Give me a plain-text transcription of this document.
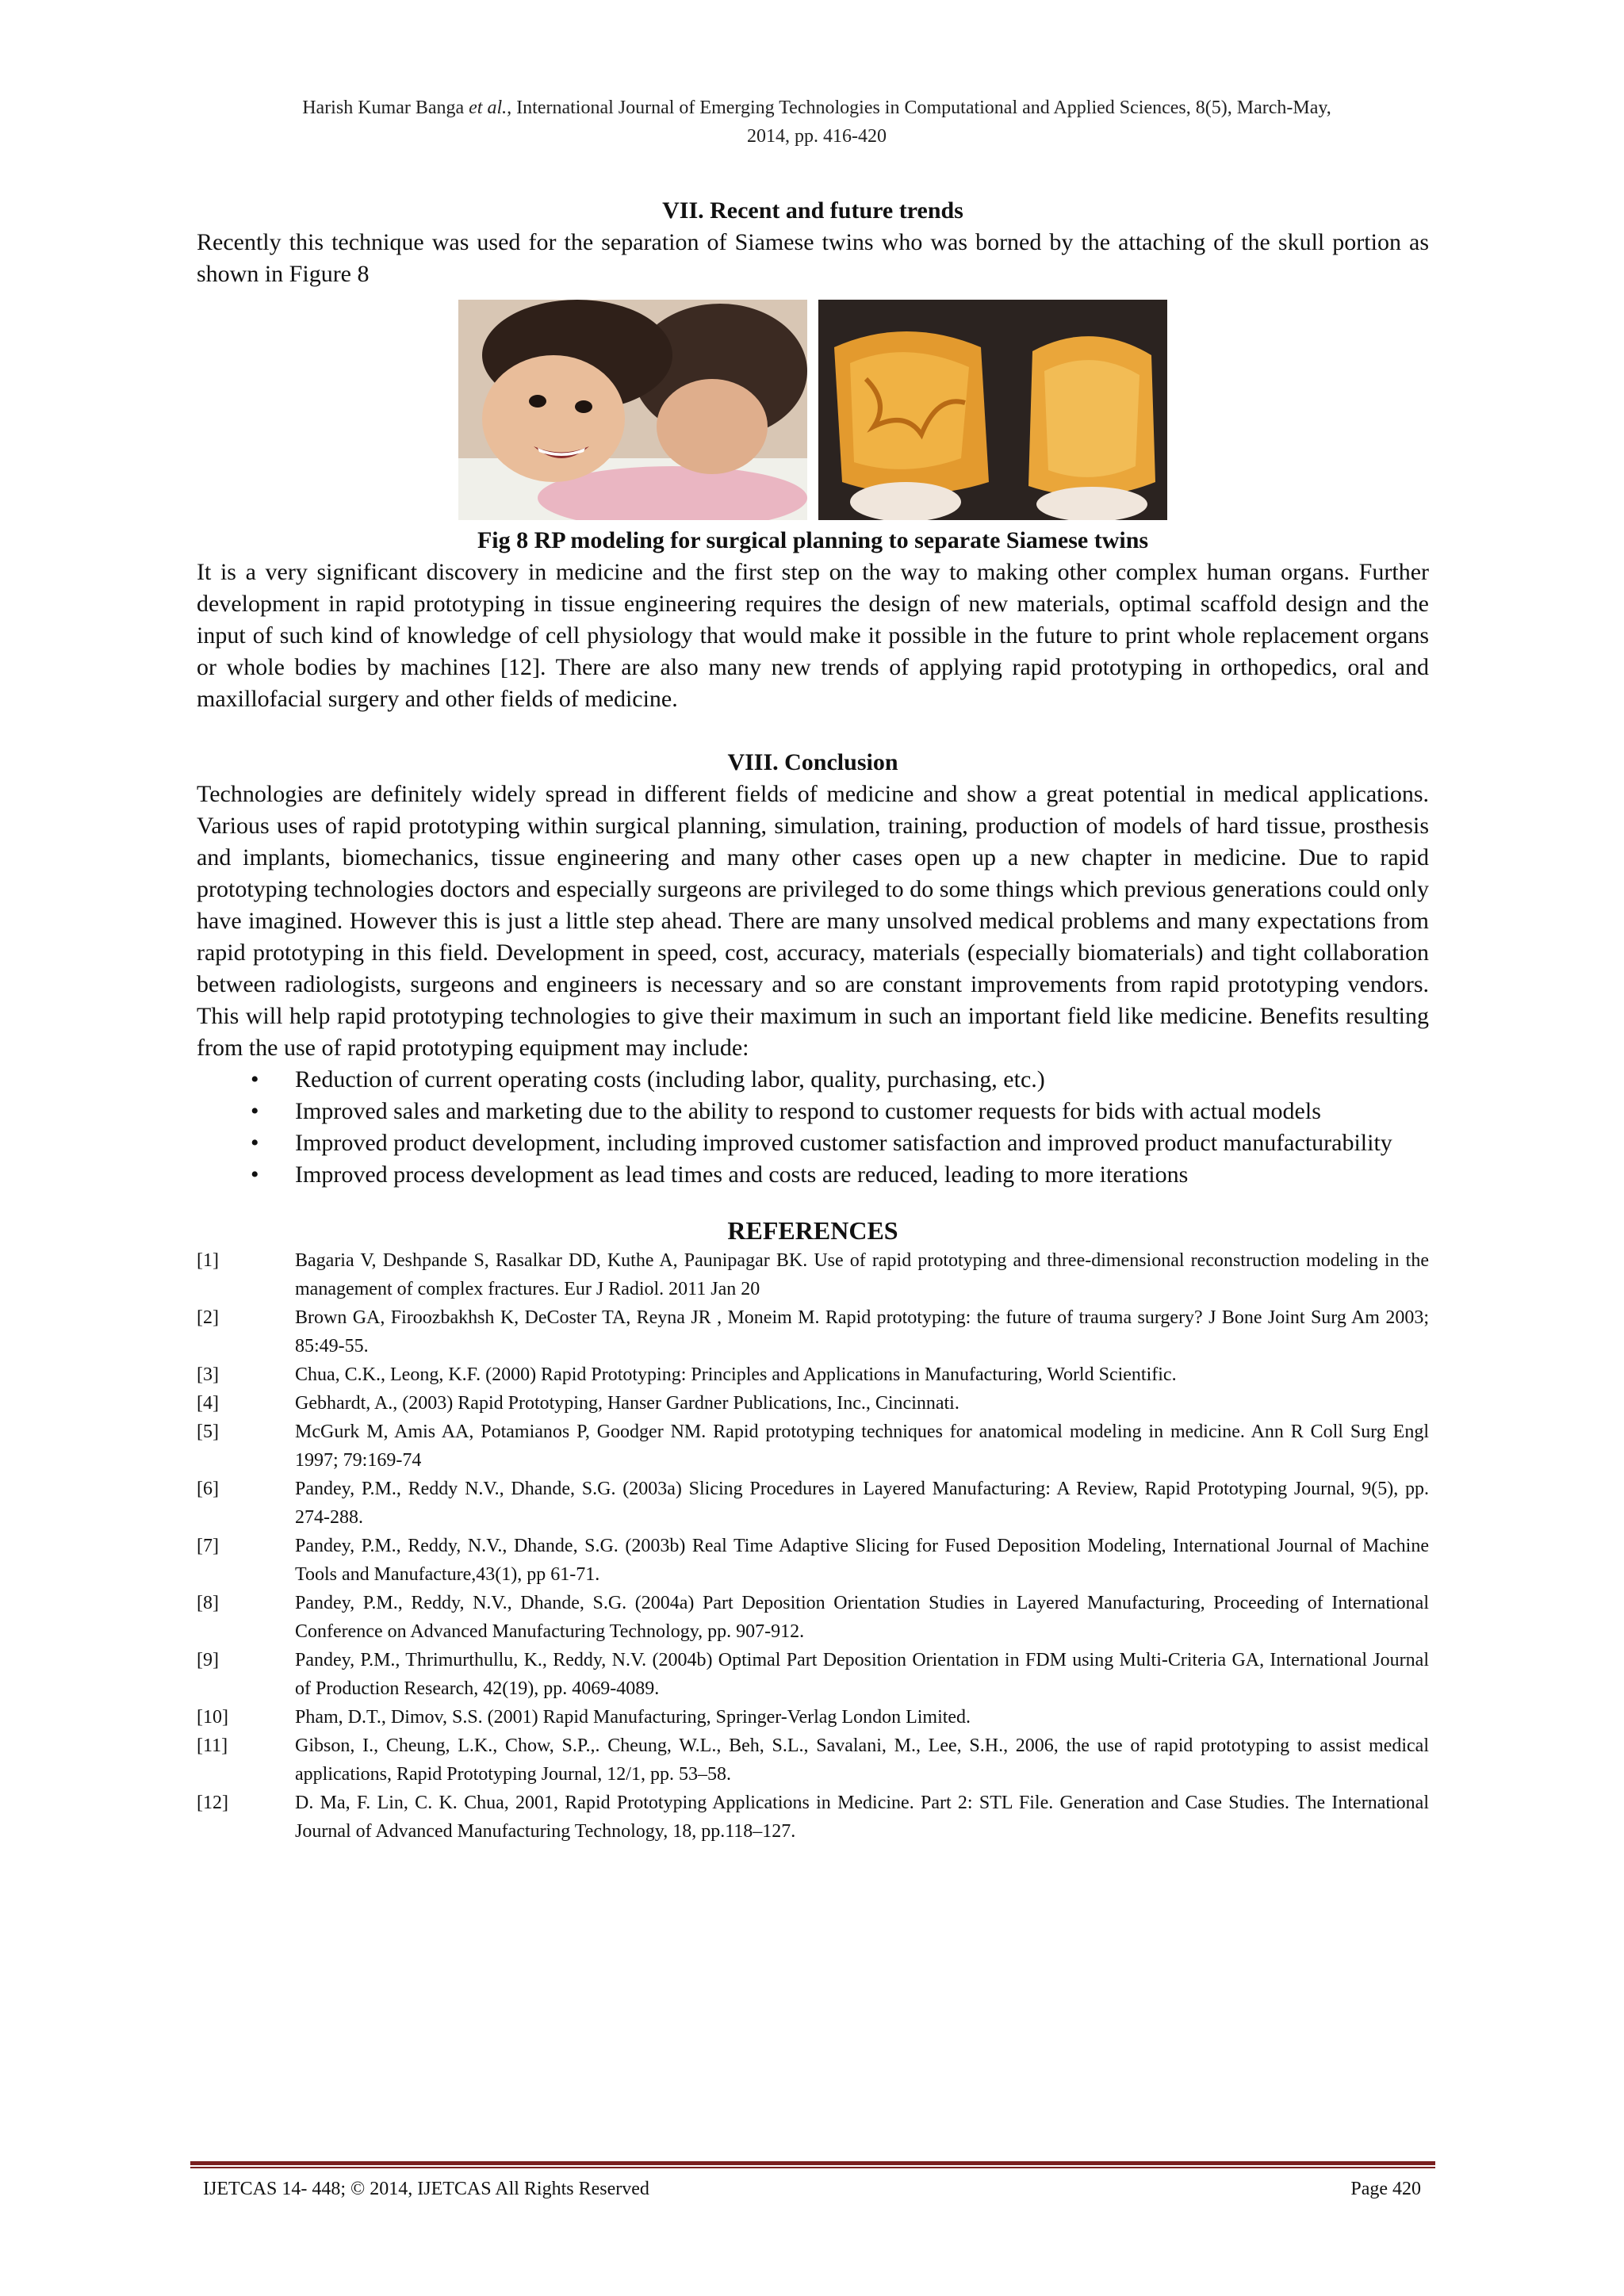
Harish Kumar Banga et al., International Journal of Emerging Technologies in Computational and Applied Sciences, 8(5), March-May,
2014, pp. 416-420
VII. Recent and future trends

Recently this technique was used for the separation of Siamese twins who was borned by the attaching of the skull portion as shown in Figure 8

Fig 8 RP modeling for surgical planning to separate Siamese twins

It is a very significant discovery in medicine and the first step on the way to making other complex human organs. Further development in rapid prototyping in tissue engineering requires the design of new materials, optimal scaffold design and the input of such kind of knowledge of cell physiology that would make it possible in the future to print whole replacement organs or whole bodies by machines [12]. There are also many new trends of applying rapid prototyping in orthopedics, oral and maxillofacial surgery and other fields of medicine.

VIII. Conclusion

Technologies are definitely widely spread in different fields of medicine and show a great potential in medical applications. Various uses of rapid prototyping within surgical planning, simulation, training, production of models of hard tissue, prosthesis and implants, biomechanics, tissue engineering and many other cases open up a new chapter in medicine. Due to rapid prototyping technologies doctors and especially surgeons are privileged to do some things which previous generations could only have imagined. However this is just a little step ahead. There are many unsolved medical problems and many expectations from rapid prototyping in this field. Development in speed, cost, accuracy, materials (especially biomaterials) and tight collaboration between radiologists, surgeons and engineers is necessary and so are constant improvements from rapid prototyping vendors. This will help rapid prototyping technologies to give their maximum in such an important field like medicine. Benefits resulting from the use of rapid prototyping equipment may include:

• Reduction of current operating costs (including labor, quality, purchasing, etc.)
• Improved sales and marketing due to the ability to respond to customer requests for bids with actual models
• Improved product development, including improved customer satisfaction and improved product manufacturability
• Improved process development as lead times and costs are reduced, leading to more iterations
REFERENCES
[1]	Bagaria V, Deshpande S, Rasalkar DD, Kuthe A, Paunipagar BK. Use of rapid prototyping and three-dimensional reconstruction modeling in the management of complex fractures. Eur J Radiol. 2011 Jan 20
[2]	Brown GA, Firoozbakhsh K, DeCoster TA, Reyna JR , Moneim M. Rapid prototyping: the future of trauma surgery? J Bone Joint Surg Am 2003; 85:49-55.
[3]	Chua, C.K., Leong, K.F. (2000) Rapid Prototyping: Principles and Applications in Manufacturing, World Scientific.
[4]	Gebhardt, A., (2003) Rapid Prototyping, Hanser Gardner Publications, Inc., Cincinnati.
[5]	McGurk M, Amis AA, Potamianos P, Goodger NM. Rapid prototyping techniques for anatomical modeling in medicine. Ann R Coll Surg Engl 1997; 79:169-74
[6]	Pandey, P.M., Reddy N.V., Dhande, S.G. (2003a) Slicing Procedures in Layered Manufacturing: A Review, Rapid Prototyping Journal, 9(5), pp. 274-288.
[7]	Pandey, P.M., Reddy, N.V., Dhande, S.G. (2003b) Real Time Adaptive Slicing for Fused Deposition Modeling, International Journal of Machine Tools and Manufacture,43(1), pp 61-71.
[8]	Pandey, P.M., Reddy, N.V., Dhande, S.G. (2004a) Part Deposition Orientation Studies in Layered Manufacturing, Proceeding of International Conference on Advanced Manufacturing Technology, pp. 907-912.
[9]	Pandey, P.M., Thrimurthullu, K., Reddy, N.V. (2004b) Optimal Part Deposition Orientation in FDM using Multi-Criteria GA, International Journal of Production Research, 42(19), pp. 4069-4089.
[10]	Pham, D.T., Dimov, S.S. (2001) Rapid Manufacturing, Springer-Verlag London Limited.
[11]	Gibson, I., Cheung, L.K., Chow, S.P.,. Cheung, W.L., Beh, S.L., Savalani, M., Lee, S.H., 2006, the use of rapid prototyping to assist medical applications, Rapid Prototyping Journal, 12/1, pp. 53–58.
[12]	D. Ma, F. Lin, C. K. Chua, 2001, Rapid Prototyping Applications in Medicine. Part 2: STL File. Generation and Case Studies. The International Journal of Advanced Manufacturing Technology, 18, pp.118–127.
IJETCAS 14- 448; © 2014, IJETCAS All Rights Reserved	Page 420
